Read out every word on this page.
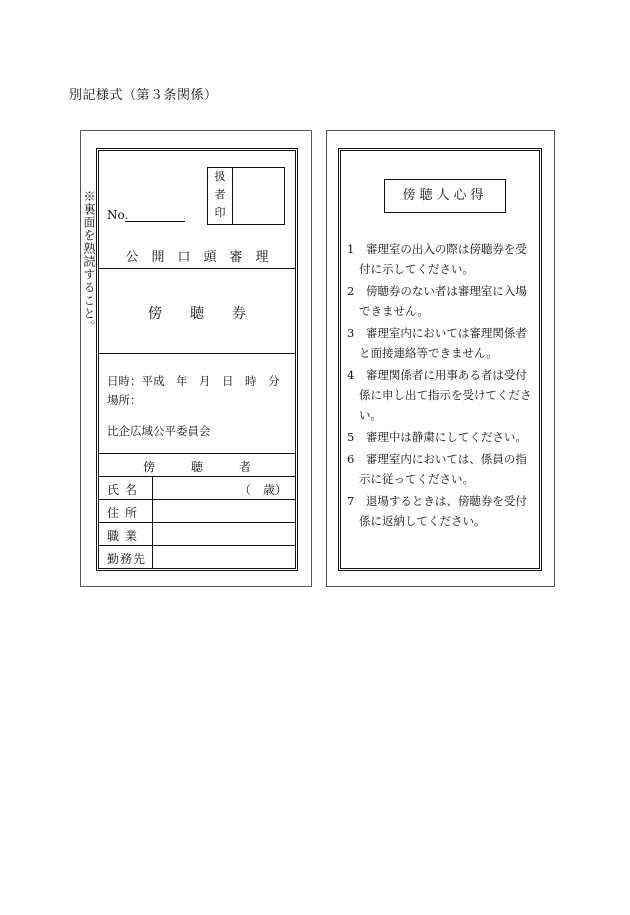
別記様式（第３条関係）
※裏面を熟読すること。
扱
者
印
No.
公　開　口　頭　審　理
傍　　聴　　券
日時：平成　年　月　日　時　分
場所：
比企広域公平委員会
傍　　　聴　　　者
氏名	（　歳）
住所
職業
勤務先
傍聴人心得
1　審理室の出入の際は傍聴券を受付に示してください。
2　傍聴券のない者は審理室に入場できません。
3　審理室内においては審理関係者と面接連絡等できません。
4　審理関係者に用事ある者は受付係に申し出て指示を受けてください。
5　審理中は静粛にしてください。
6　審理室内においては、係員の指示に従ってください。
7　退場するときは、傍聴券を受付係に返納してください。
